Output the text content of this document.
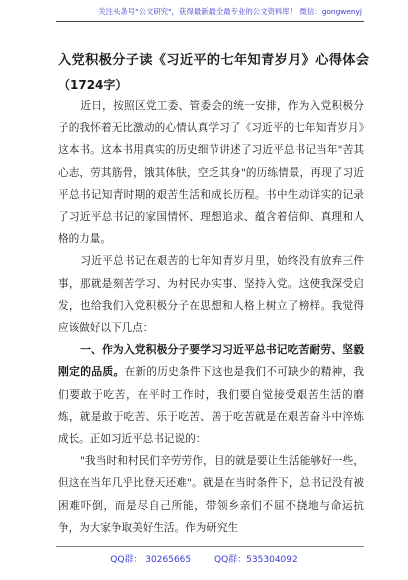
关注头条号"公文研究"，获得最新最全最专业的公文资料库！ 微信：gongwenyj
入党积极分子读《习近平的七年知青岁月》心得体会
（1724字）

近日，按照区党工委、管委会的统一安排，作为入党积极分子的我怀着无比激动的心情认真学习了《习近平的七年知青岁月》这本书。这本书用真实的历史细节讲述了习近平总书记当年"苦其心志，劳其筋骨，饿其体肤，空乏其身"的历练情景，再现了习近平总书记知青时期的艰苦生活和成长历程。书中生动详实的记录了习近平总书记的家国情怀、理想追求、蕴含着信仰、真理和人格的力量。

习近平总书记在艰苦的七年知青岁月里，始终没有放弃三件事，那就是刻苦学习、为村民办实事、坚持入党。这使我深受启发，也给我们入党积极分子在思想和人格上树立了榜样。我觉得应该做好以下几点：

一、作为入党积极分子要学习习近平总书记吃苦耐劳、坚毅刚定的品质。在新的历史条件下这也是我们不可缺少的精神，我们要敢于吃苦，在平时工作时，我们要自觉接受艰苦生活的磨炼，就是敢于吃苦、乐于吃苦、善于吃苦就是在艰苦奋斗中淬炼成长。正如习近平总书记说的：

"我当时和村民们辛劳劳作，目的就是要让生活能够好一些，但这在当年几乎比登天还难"。就是在当时条件下，总书记没有被困难吓倒，而是尽自己所能，带领乡亲们不屈不挠地与命运抗争，为大家争取美好生活。作为研究生

QQ群： 30265665	QQ群：535304092
